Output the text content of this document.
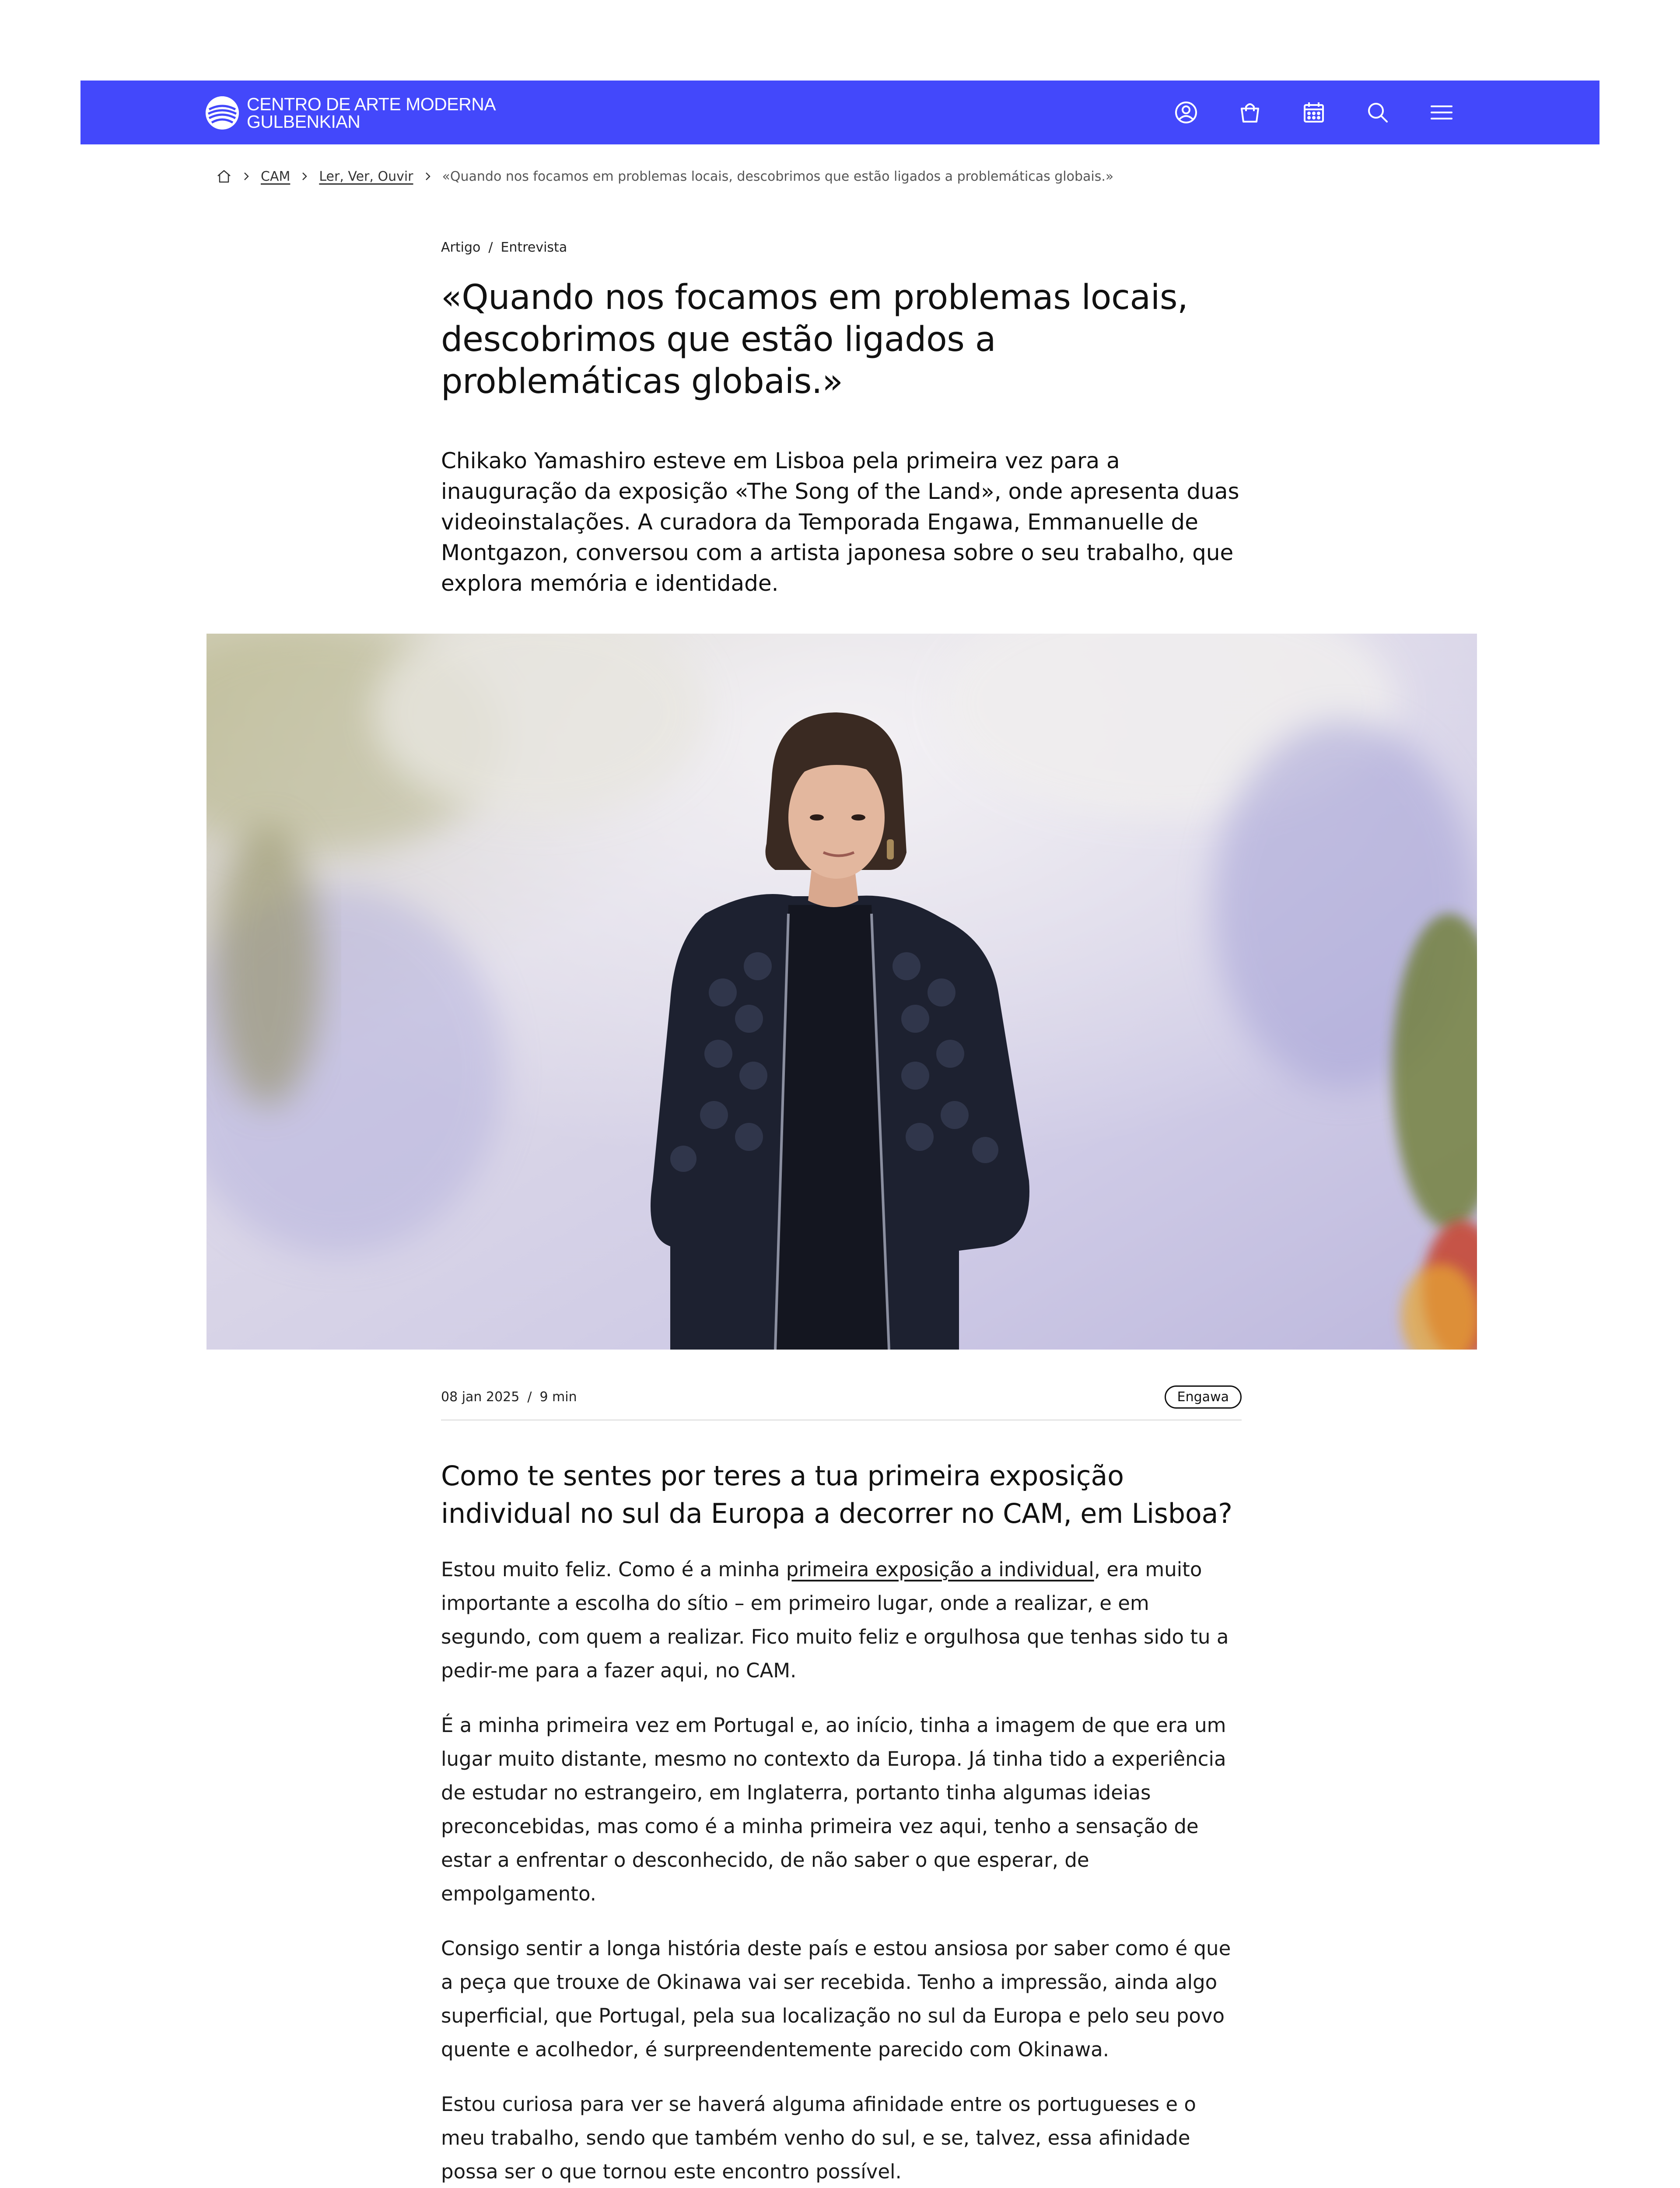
CENTRO DE ARTE MODERNA
GULBENKIAN
CAM Ler, Ver, Ouvir «Quando nos focamos em problemas locais, descobrimos que estão ligados a problemáticas globais.»
Artigo / Entrevista
«Quando nos focamos em problemas locais, descobrimos que estão ligados a problemáticas globais.»

Chikako Yamashiro esteve em Lisboa pela primeira vez para a inauguração da exposição «The Song of the Land», onde apresenta duas videoinstalações. A curadora da Temporada Engawa, Emmanuelle de Montgazon, conversou com a artista japonesa sobre o seu trabalho, que explora memória e identidade.

08 jan 2025 / 9 min	Engawa
Como te sentes por teres a tua primeira exposição individual no sul da Europa a decorrer no CAM, em Lisboa?

Estou muito feliz. Como é a minha primeira exposição a individual, era muito importante a escolha do sítio – em primeiro lugar, onde a realizar, e em segundo, com quem a realizar. Fico muito feliz e orgulhosa que tenhas sido tu a pedir-me para a fazer aqui, no CAM.

É a minha primeira vez em Portugal e, ao início, tinha a imagem de que era um lugar muito distante, mesmo no contexto da Europa. Já tinha tido a experiência de estudar no estrangeiro, em Inglaterra, portanto tinha algumas ideias preconcebidas, mas como é a minha primeira vez aqui, tenho a sensação de estar a enfrentar o desconhecido, de não saber o que esperar, de empolgamento.

Consigo sentir a longa história deste país e estou ansiosa por saber como é que a peça que trouxe de Okinawa vai ser recebida. Tenho a impressão, ainda algo superficial, que Portugal, pela sua localização no sul da Europa e pelo seu povo quente e acolhedor, é surpreendentemente parecido com Okinawa.

Estou curiosa para ver se haverá alguma afinidade entre os portugueses e o meu trabalho, sendo que também venho do sul, e se, talvez, essa afinidade possa ser o que tornou este encontro possível.
